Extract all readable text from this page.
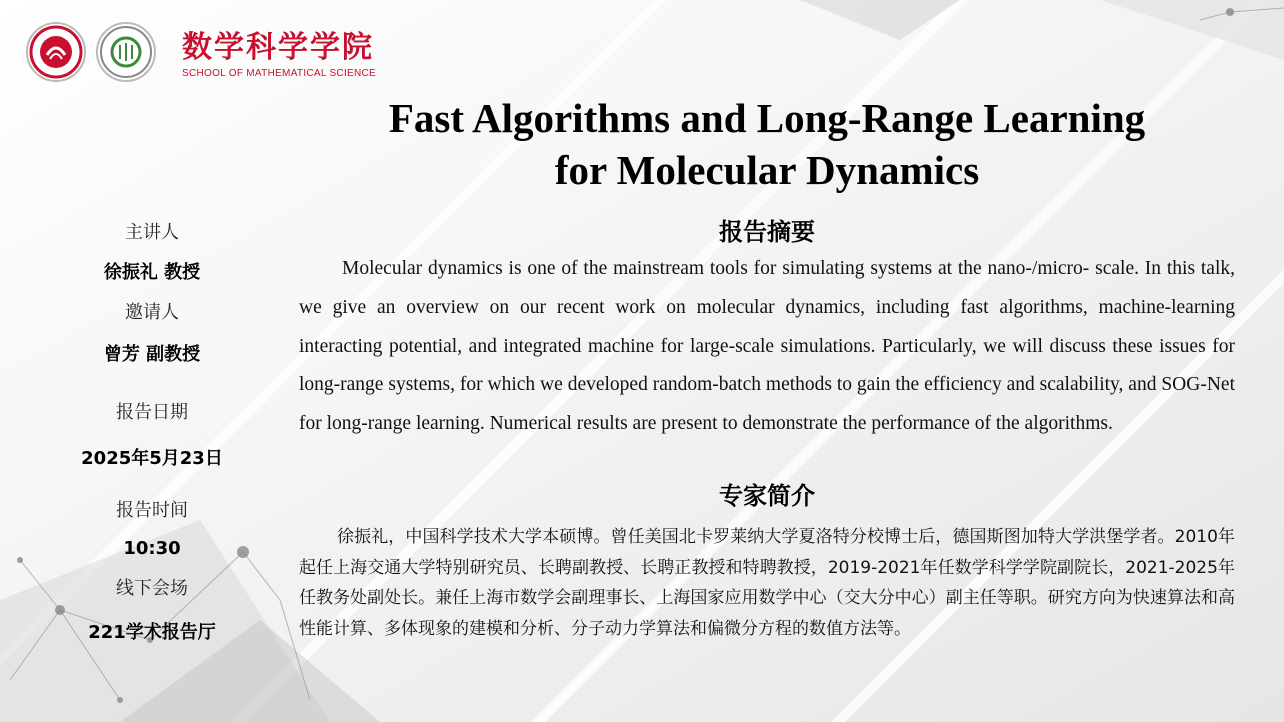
数学科学学院
SCHOOL OF MATHEMATICAL SCIENCE
Fast Algorithms and Long-Range Learning
for Molecular Dynamics
主讲人
徐振礼 教授
邀请人
曾芳 副教授
报告日期
2025年5月23日
报告时间
10:30
线下会场
221学术报告厅
报告摘要
Molecular dynamics is one of the mainstream tools for simulating systems at the nano-/micro- scale. In this talk, we give an overview on our recent work on molecular dynamics, including fast algorithms, machine-learning interacting potential, and integrated machine for large-scale simulations. Particularly, we will discuss these issues for long-range systems, for which we developed random-batch methods to gain the efficiency and scalability, and SOG-Net for long-range learning. Numerical results are present to demonstrate the performance of the algorithms.
专家简介
徐振礼，中国科学技术大学本硕博。曾任美国北卡罗莱纳大学夏洛特分校博士后，德国斯图加特大学洪堡学者。2010年起任上海交通大学特别研究员、长聘副教授、长聘正教授和特聘教授，2019-2021年任数学科学学院副院长，2021-2025年任教务处副处长。兼任上海市数学会副理事长、上海国家应用数学中心（交大分中心）副主任等职。研究方向为快速算法和高性能计算、多体现象的建模和分析、分子动力学算法和偏微分方程的数值方法等。
